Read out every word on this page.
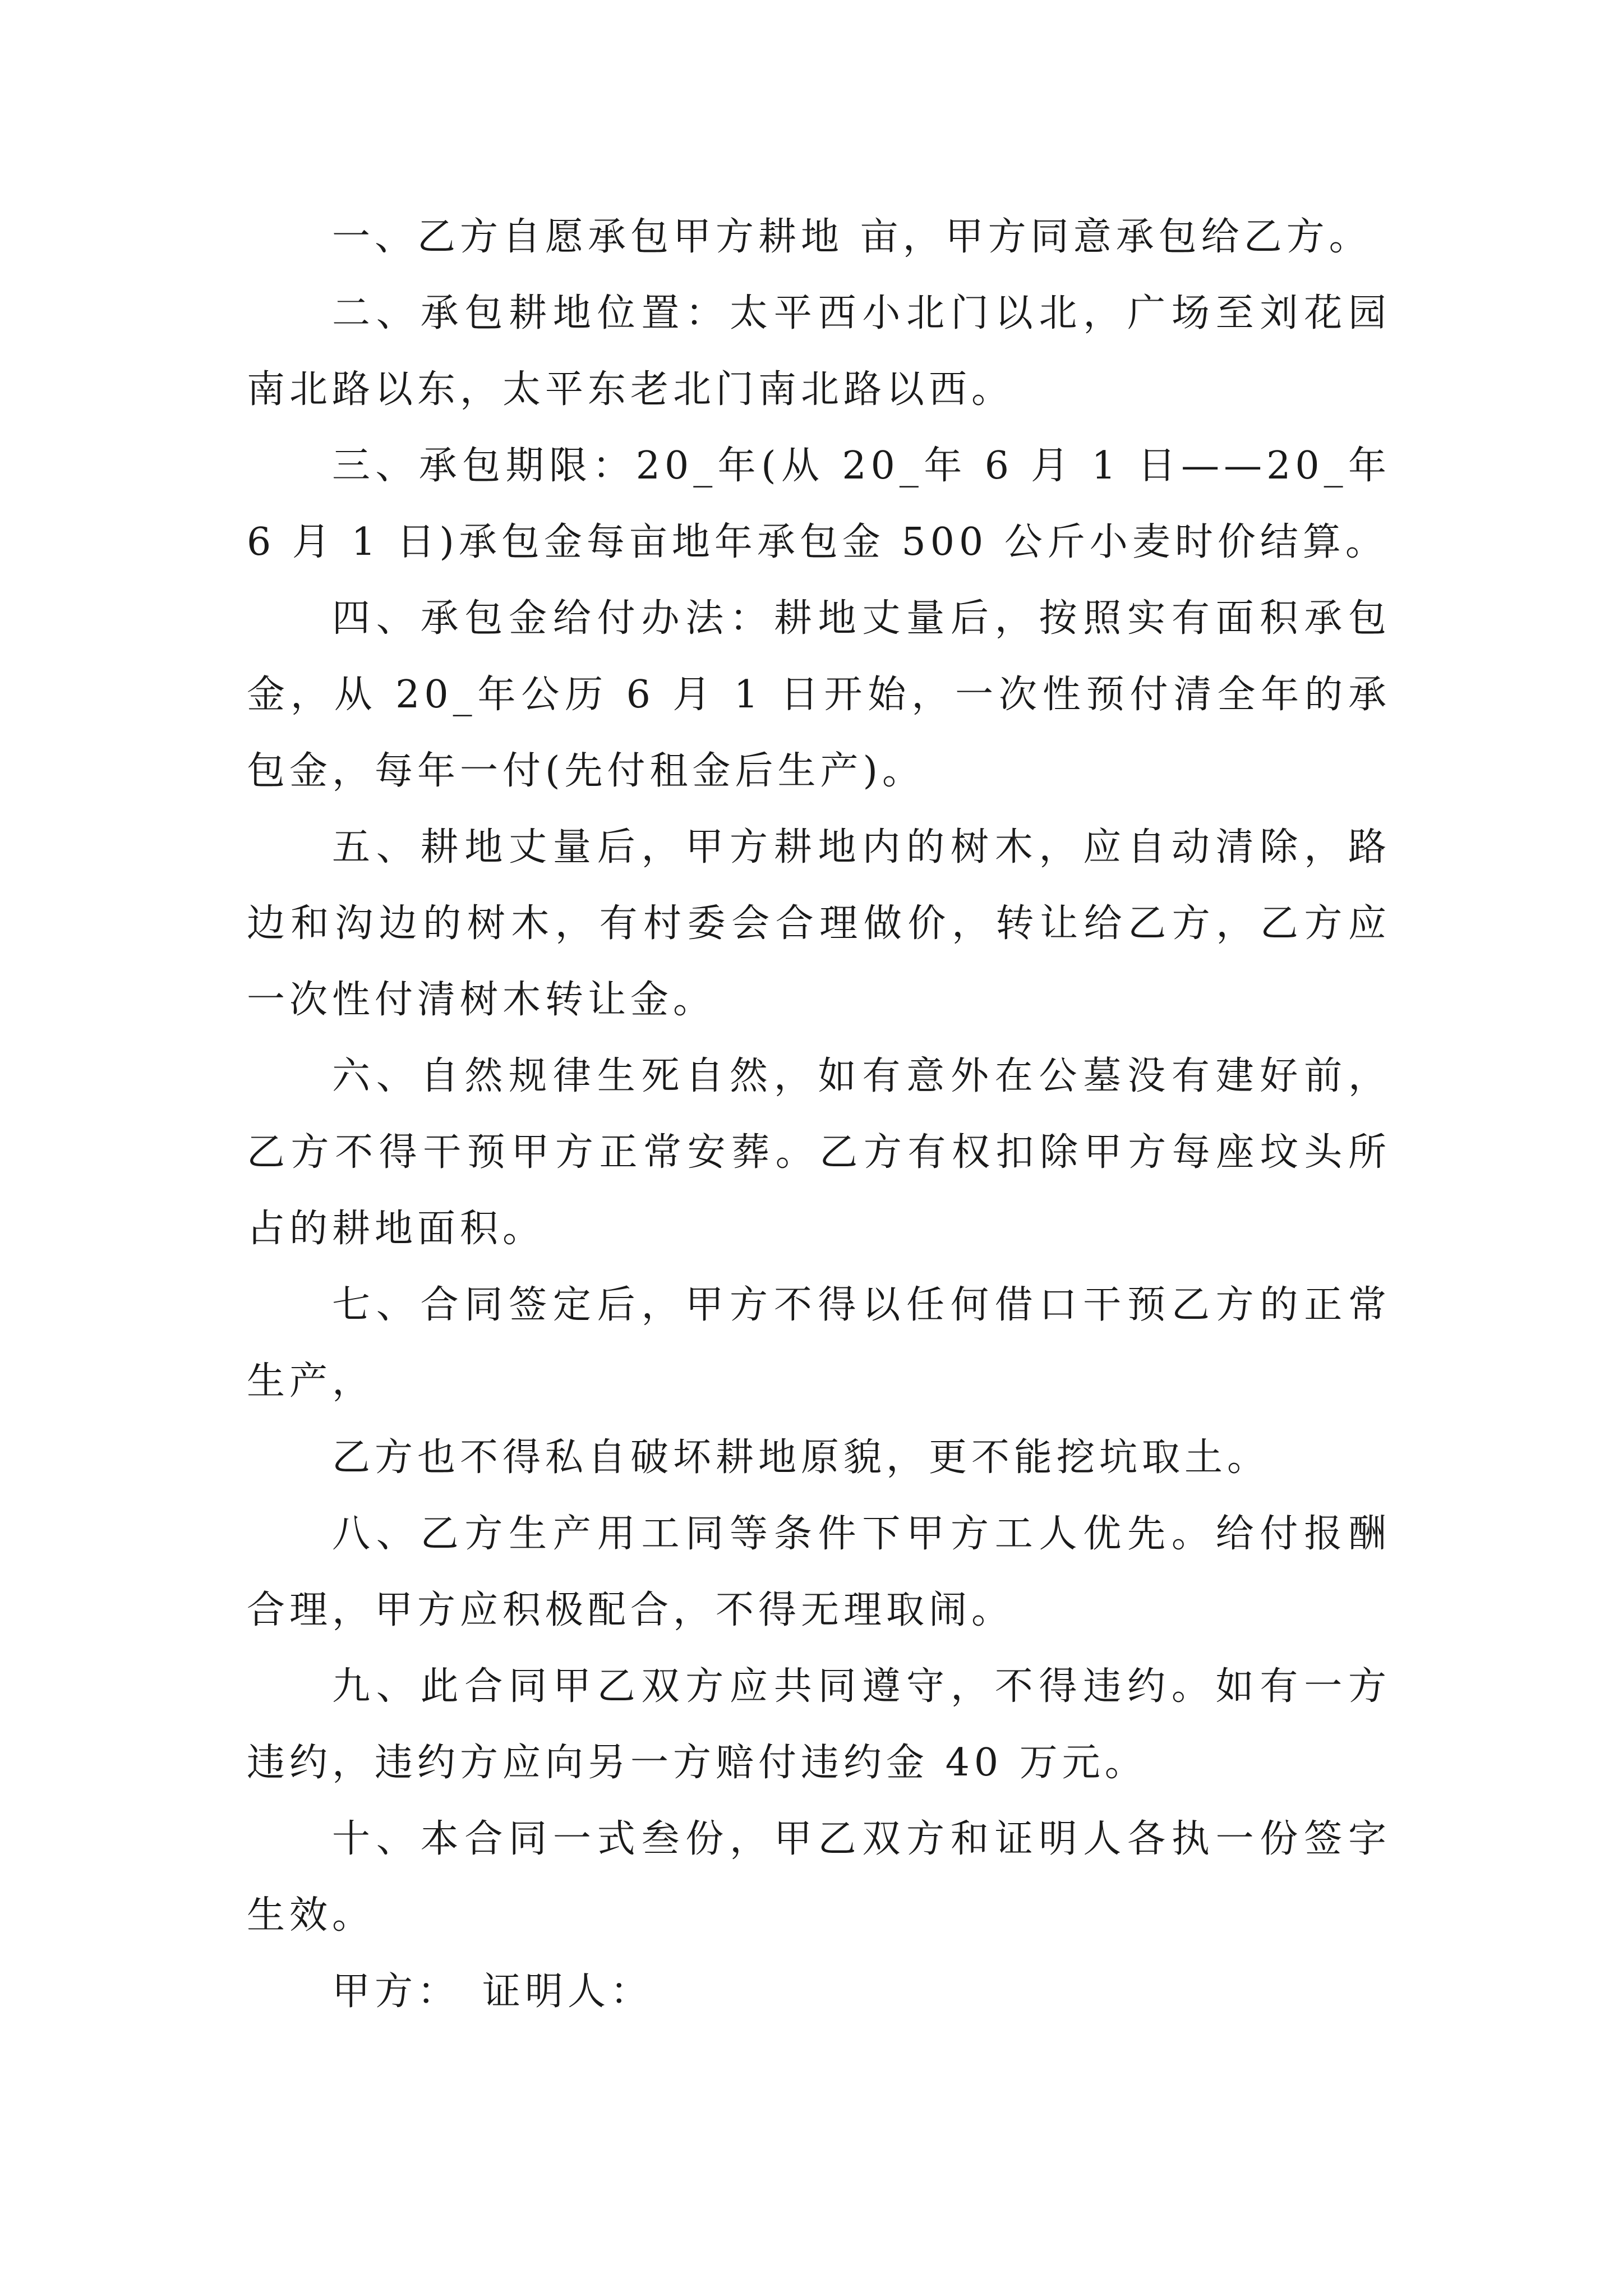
一、乙方自愿承包甲方耕地 亩，甲方同意承包给乙方。

二、承包耕地位置：太平西小北门以北，广场至刘花园南北路以东，太平东老北门南北路以西。

三、承包期限：20_年(从 20_年 6 月 1 日——20_年 6 月 1 日)承包金每亩地年承包金 500 公斤小麦时价结算。

四、承包金给付办法：耕地丈量后，按照实有面积承包金，从 20_年公历 6 月 1 日开始，一次性预付清全年的承包金，每年一付(先付租金后生产)。

五、耕地丈量后，甲方耕地内的树木，应自动清除，路边和沟边的树木，有村委会合理做价，转让给乙方，乙方应一次性付清树木转让金。

六、自然规律生死自然，如有意外在公墓没有建好前，乙方不得干预甲方正常安葬。乙方有权扣除甲方每座坟头所占的耕地面积。

七、合同签定后，甲方不得以任何借口干预乙方的正常生产，

乙方也不得私自破坏耕地原貌，更不能挖坑取土。

八、乙方生产用工同等条件下甲方工人优先。给付报酬合理，甲方应积极配合，不得无理取闹。

九、此合同甲乙双方应共同遵守，不得违约。如有一方违约，违约方应向另一方赔付违约金 40 万元。

十、本合同一式叁份，甲乙双方和证明人各执一份签字生效。

甲方： 证明人：
